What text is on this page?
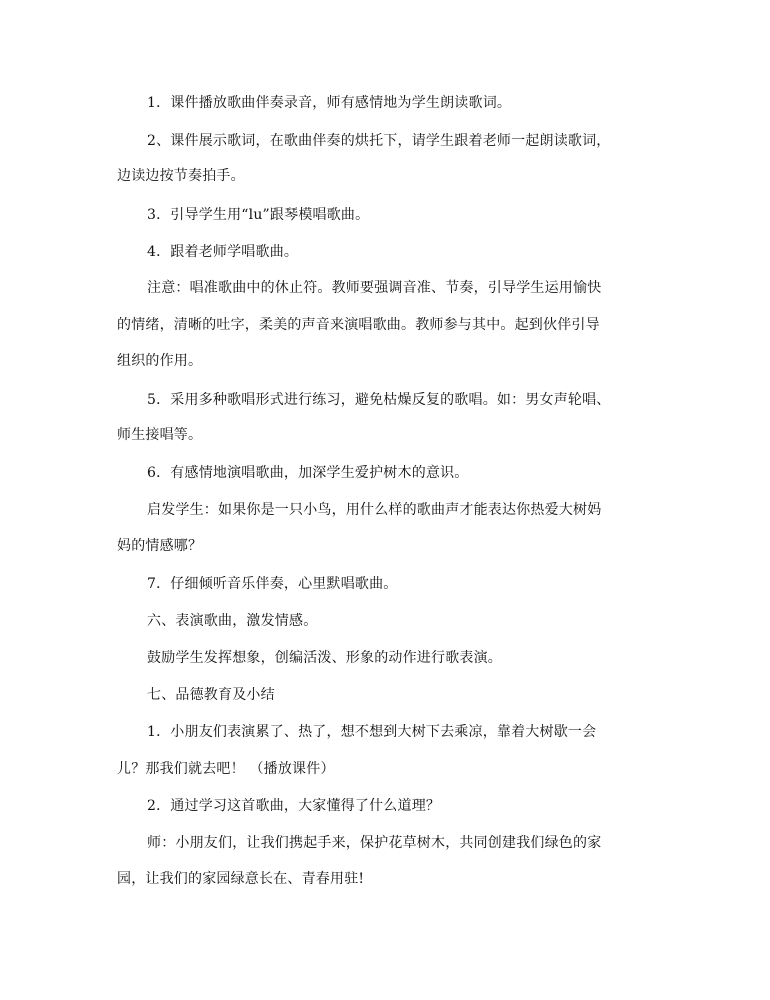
1．课件播放歌曲伴奏录音，师有感情地为学生朗读歌词。
2、课件展示歌词，在歌曲伴奏的烘托下，请学生跟着老师一起朗读歌词，
边读边按节奏拍手。
3．引导学生用“lu”跟琴模唱歌曲。
4．跟着老师学唱歌曲。
注意：唱准歌曲中的休止符。教师要强调音准、节奏，引导学生运用愉快
的情绪，清晰的吐字，柔美的声音来演唱歌曲。教师参与其中。起到伙伴引导
组织的作用。
5．采用多种歌唱形式进行练习，避免枯燥反复的歌唱。如：男女声轮唱、
师生接唱等。
6．有感情地演唱歌曲，加深学生爱护树木的意识。
启发学生：如果你是一只小鸟，用什么样的歌曲声才能表达你热爱大树妈
妈的情感哪？
7．仔细倾听音乐伴奏，心里默唱歌曲。
六、表演歌曲，激发情感。
鼓励学生发挥想象，创编活泼、形象的动作进行歌表演。
七、品德教育及小结
1．小朋友们表演累了、热了，想不想到大树下去乘凉，靠着大树歇一会
儿？那我们就去吧！ （播放课件）
2．通过学习这首歌曲，大家懂得了什么道理？
师：小朋友们，让我们携起手来，保护花草树木，共同创建我们绿色的家
园，让我们的家园绿意长在、青春用驻!
